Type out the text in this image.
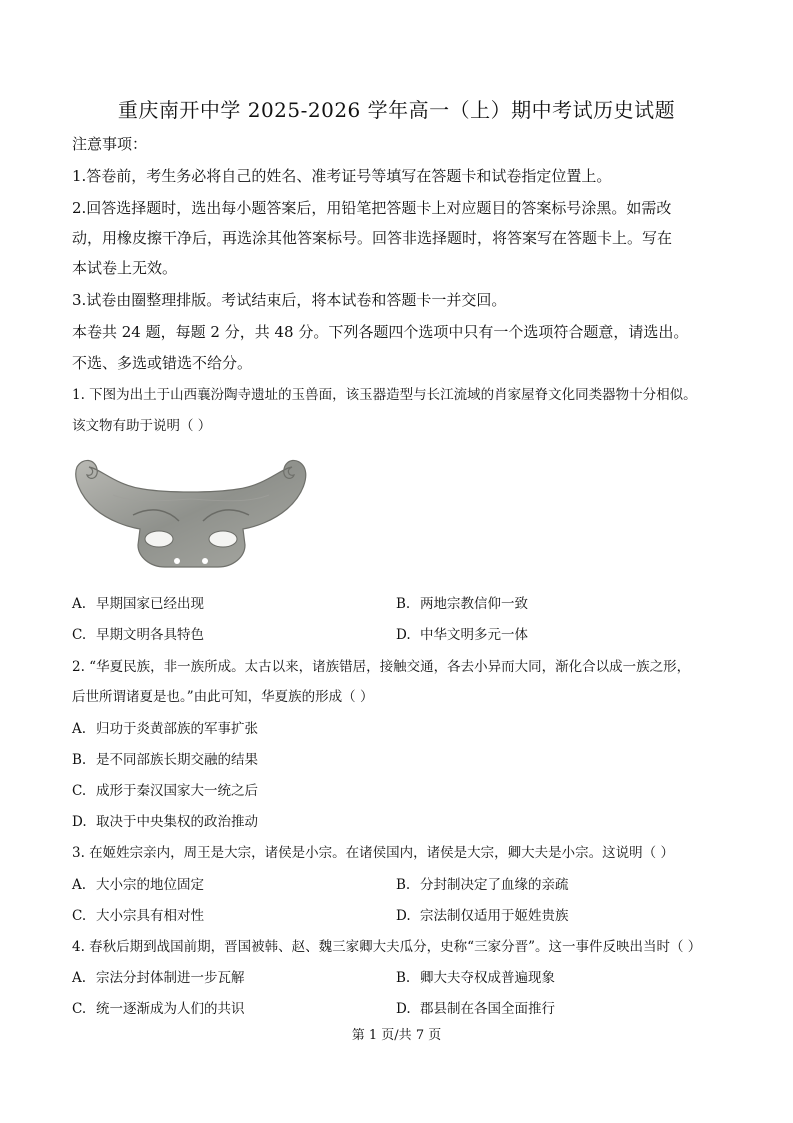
重庆南开中学 2025-2026 学年高一（上）期中考试历史试题
注意事项：
1.答卷前，考生务必将自己的姓名、准考证号等填写在答题卡和试卷指定位置上。
2.回答选择题时，选出每小题答案后，用铅笔把答题卡上对应题目的答案标号涂黑。如需改
动，用橡皮擦干净后，再选涂其他答案标号。回答非选择题时，将答案写在答题卡上。写在
本试卷上无效。
3.试卷由圈整理排版。考试结束后，将本试卷和答题卡一并交回。
本卷共 24 题，每题 2 分，共 48 分。下列各题四个选项中只有一个选项符合题意，请选出。
不选、多选或错选不给分。
1. 下图为出土于山西襄汾陶寺遗址的玉兽面，该玉器造型与长江流域的肖家屋脊文化同类器物十分相似。
该文物有助于说明（ ）
A. 早期国家已经出现	B. 两地宗教信仰一致
C. 早期文明各具特色	D. 中华文明多元一体
2. “华夏民族，非一族所成。太古以来，诸族错居，接触交通，各去小异而大同，渐化合以成一族之形，
后世所谓诸夏是也。”由此可知，华夏族的形成（ ）
A. 归功于炎黄部族的军事扩张
B. 是不同部族长期交融的结果
C. 成形于秦汉国家大一统之后
D. 取决于中央集权的政治推动
3. 在姬姓宗亲内，周王是大宗，诸侯是小宗。在诸侯国内，诸侯是大宗，卿大夫是小宗。这说明（ ）
A. 大小宗的地位固定	B. 分封制决定了血缘的亲疏
C. 大小宗具有相对性	D. 宗法制仅适用于姬姓贵族
4. 春秋后期到战国前期，晋国被韩、赵、魏三家卿大夫瓜分，史称“三家分晋”。这一事件反映出当时（ ）
A. 宗法分封体制进一步瓦解	B. 卿大夫夺权成普遍现象
C. 统一逐渐成为人们的共识	D. 郡县制在各国全面推行
第 1 页/共 7 页
